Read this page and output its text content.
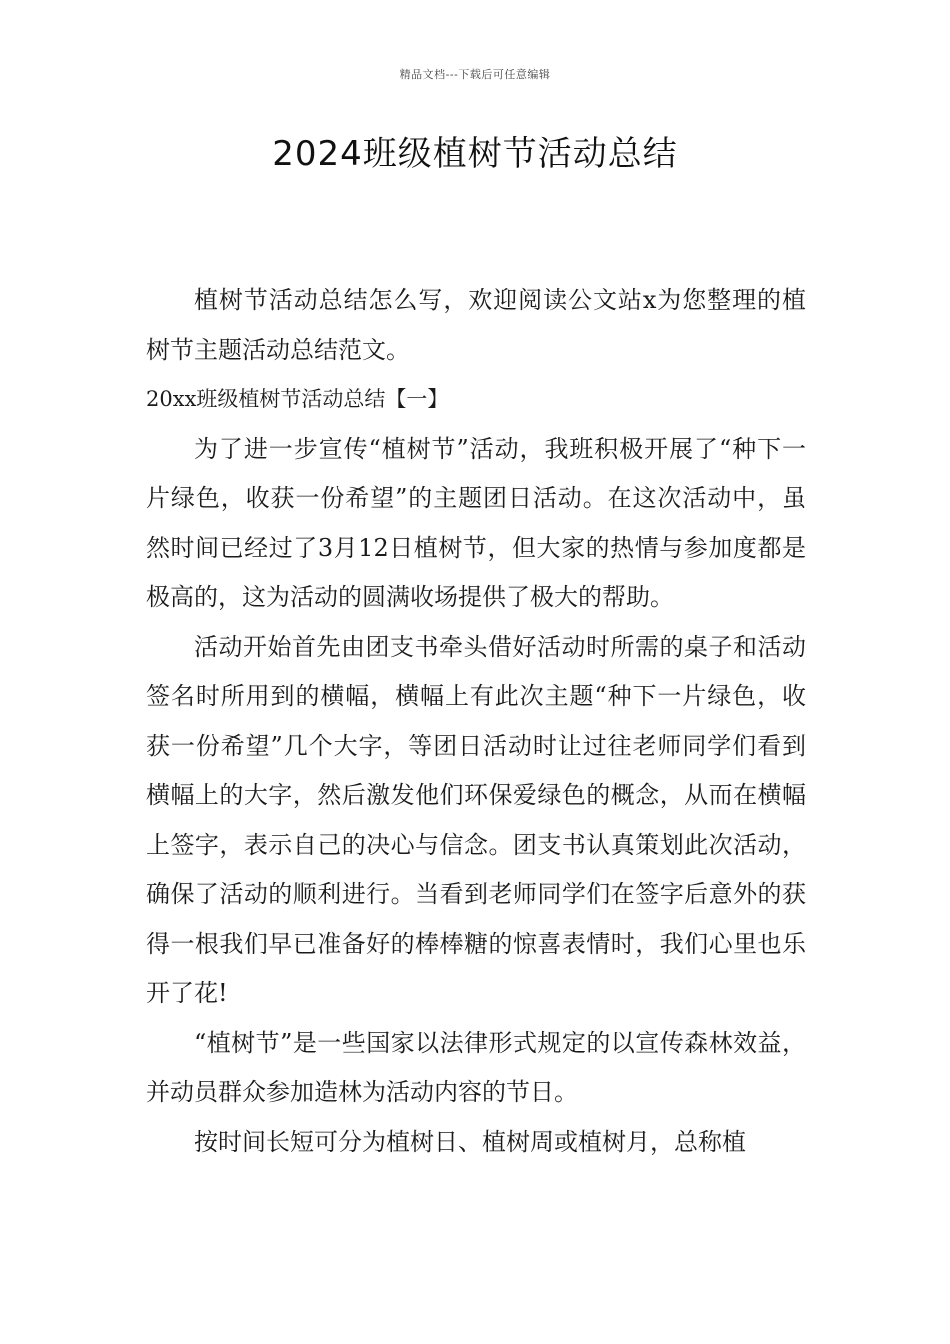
精品文档---下载后可任意编辑
2024班级植树节活动总结

植树节活动总结怎么写，欢迎阅读公文站x为您整理的植树节主题活动总结范文。

20xx班级植树节活动总结【一】

为了进一步宣传“植树节”活动，我班积极开展了“种下一片绿色，收获一份希望”的主题团日活动。在这次活动中，虽然时间已经过了3月12日植树节，但大家的热情与参加度都是极高的，这为活动的圆满收场提供了极大的帮助。

活动开始首先由团支书牵头借好活动时所需的桌子和活动签名时所用到的横幅，横幅上有此次主题“种下一片绿色，收获一份希望”几个大字，等团日活动时让过往老师同学们看到横幅上的大字，然后激发他们环保爱绿色的概念，从而在横幅上签字，表示自己的决心与信念。团支书认真策划此次活动，确保了活动的顺利进行。当看到老师同学们在签字后意外的获得一根我们早已准备好的棒棒糖的惊喜表情时，我们心里也乐开了花!

“植树节”是一些国家以法律形式规定的以宣传森林效益，并动员群众参加造林为活动内容的节日。

按时间长短可分为植树日、植树周或植树月，总称植
